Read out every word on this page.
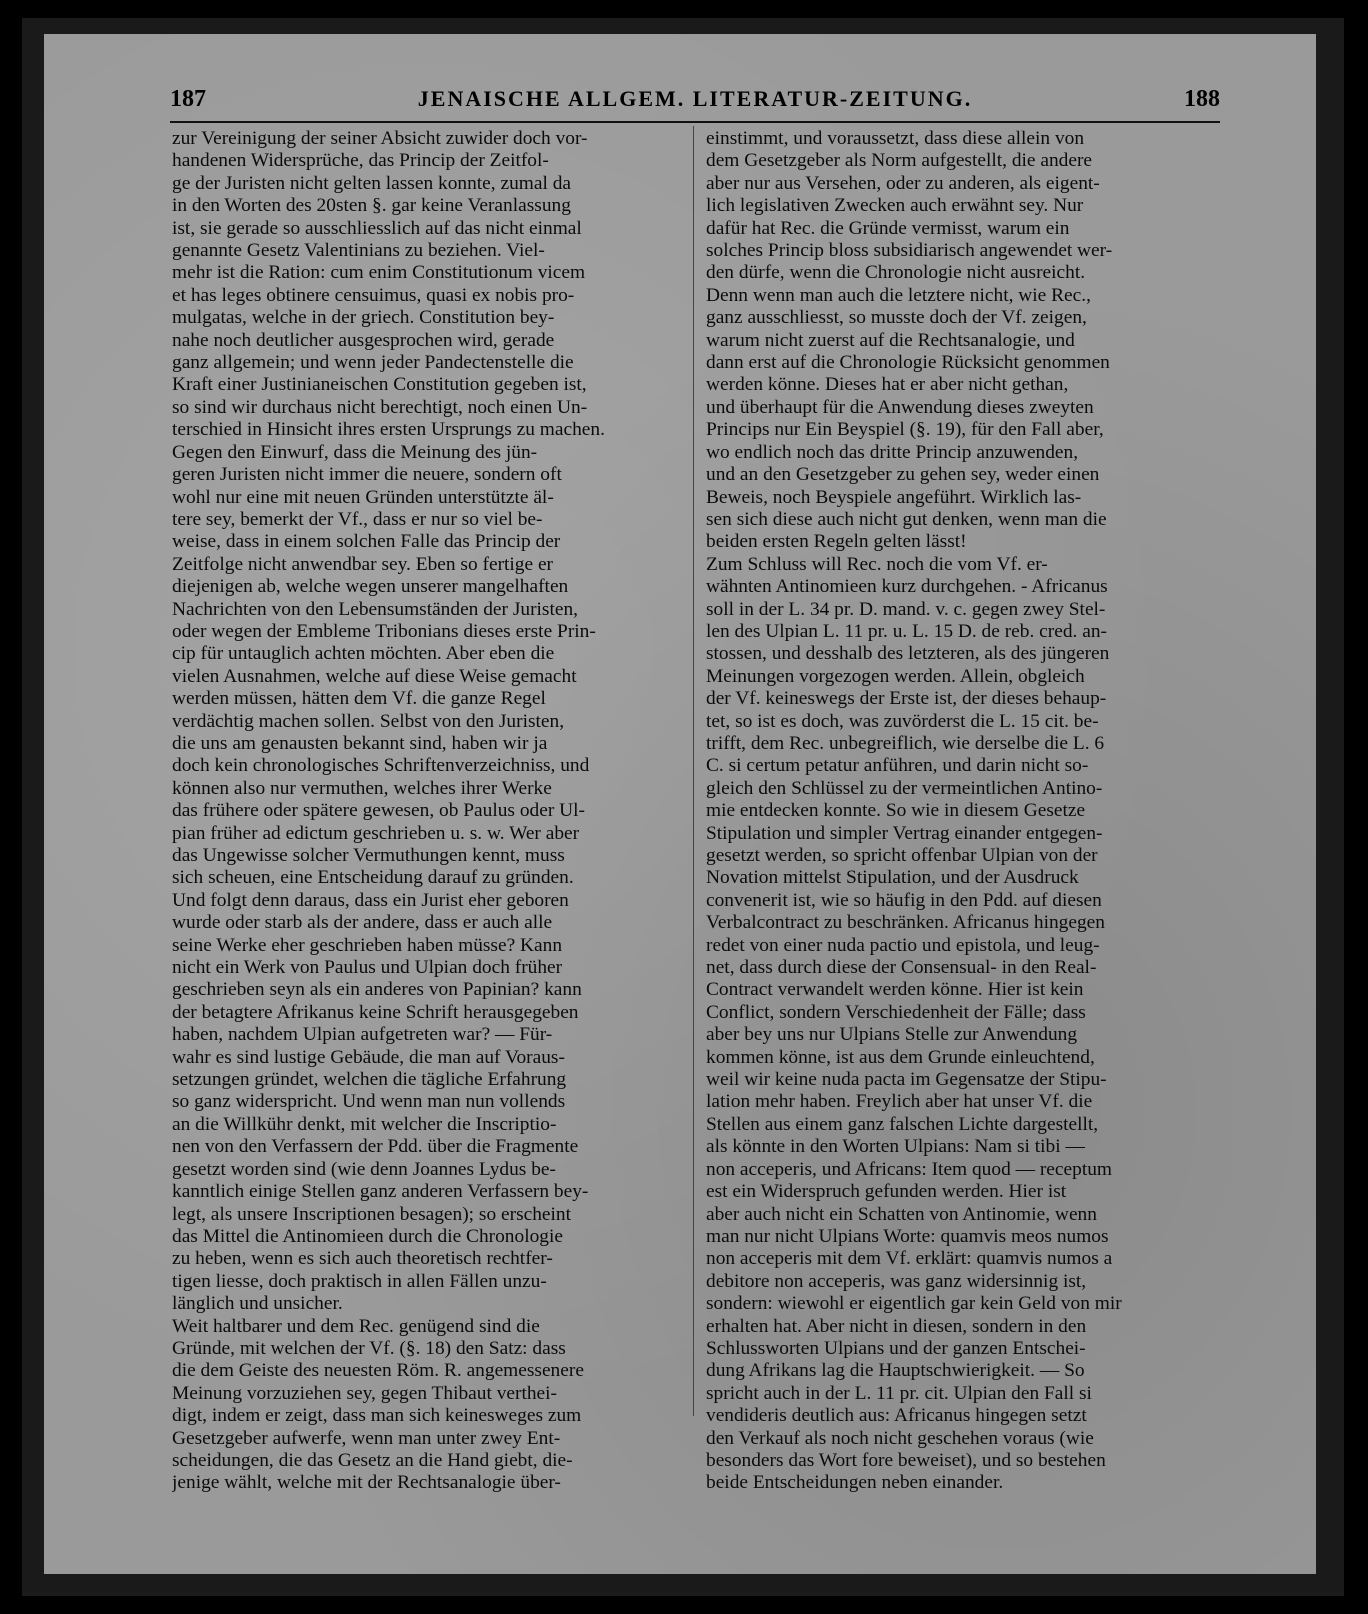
187	JENAISCHE ALLGEM. LITERATUR-ZEITUNG.	188
zur Vereinigung der seiner Absicht zuwider doch vor-
handenen Widersprüche, das Princip der Zeitfol-
ge der Juristen nicht gelten lassen konnte, zumal da
in den Worten des 20sten §. gar keine Veranlassung
ist, sie gerade so ausschliesslich auf das nicht einmal
genannte Gesetz Valentinians zu beziehen. Viel-
mehr ist die Ration: cum enim Constitutionum vicem
et has leges obtinere censuimus, quasi ex nobis pro-
mulgatas, welche in der griech. Constitution bey-
nahe noch deutlicher ausgesprochen wird, gerade
ganz allgemein; und wenn jeder Pandectenstelle die
Kraft einer Justinianeischen Constitution gegeben ist,
so sind wir durchaus nicht berechtigt, noch einen Un-
terschied in Hinsicht ihres ersten Ursprungs zu machen.
Gegen den Einwurf, dass die Meinung des jün-
geren Juristen nicht immer die neuere, sondern oft
wohl nur eine mit neuen Gründen unterstützte äl-
tere sey, bemerkt der Vf., dass er nur so viel be-
weise, dass in einem solchen Falle das Princip der
Zeitfolge nicht anwendbar sey. Eben so fertige er
diejenigen ab, welche wegen unserer mangelhaften
Nachrichten von den Lebensumständen der Juristen,
oder wegen der Embleme Tribonians dieses erste Prin-
cip für untauglich achten möchten. Aber eben die
vielen Ausnahmen, welche auf diese Weise gemacht
werden müssen, hätten dem Vf. die ganze Regel
verdächtig machen sollen. Selbst von den Juristen,
die uns am genausten bekannt sind, haben wir ja
doch kein chronologisches Schriftenverzeichniss, und
können also nur vermuthen, welches ihrer Werke
das frühere oder spätere gewesen, ob Paulus oder Ul-
pian früher ad edictum geschrieben u. s. w. Wer aber
das Ungewisse solcher Vermuthungen kennt, muss
sich scheuen, eine Entscheidung darauf zu gründen.
Und folgt denn daraus, dass ein Jurist eher geboren
wurde oder starb als der andere, dass er auch alle
seine Werke eher geschrieben haben müsse? Kann
nicht ein Werk von Paulus und Ulpian doch früher
geschrieben seyn als ein anderes von Papinian? kann
der betagtere Afrikanus keine Schrift herausgegeben
haben, nachdem Ulpian aufgetreten war? — Für-
wahr es sind lustige Gebäude, die man auf Voraus-
setzungen gründet, welchen die tägliche Erfahrung
so ganz widerspricht. Und wenn man nun vollends
an die Willkühr denkt, mit welcher die Inscriptio-
nen von den Verfassern der Pdd. über die Fragmente
gesetzt worden sind (wie denn Joannes Lydus be-
kanntlich einige Stellen ganz anderen Verfassern bey-
legt, als unsere Inscriptionen besagen); so erscheint
das Mittel die Antinomieen durch die Chronologie
zu heben, wenn es sich auch theoretisch rechtfer-
tigen liesse, doch praktisch in allen Fällen unzu-
länglich und unsicher.
Weit haltbarer und dem Rec. genügend sind die
Gründe, mit welchen der Vf. (§. 18) den Satz: dass
die dem Geiste des neuesten Röm. R. angemessenere
Meinung vorzuziehen sey, gegen Thibaut verthei-
digt, indem er zeigt, dass man sich keinesweges zum
Gesetzgeber aufwerfe, wenn man unter zwey Ent-
scheidungen, die das Gesetz an die Hand giebt, die-
jenige wählt, welche mit der Rechtsanalogie über-
einstimmt, und voraussetzt, dass diese allein von
dem Gesetzgeber als Norm aufgestellt, die andere
aber nur aus Versehen, oder zu anderen, als eigent-
lich legislativen Zwecken auch erwähnt sey. Nur
dafür hat Rec. die Gründe vermisst, warum ein
solches Princip bloss subsidiarisch angewendet wer-
den dürfe, wenn die Chronologie nicht ausreicht.
Denn wenn man auch die letztere nicht, wie Rec.,
ganz ausschliesst, so musste doch der Vf. zeigen,
warum nicht zuerst auf die Rechtsanalogie, und
dann erst auf die Chronologie Rücksicht genommen
werden könne. Dieses hat er aber nicht gethan,
und überhaupt für die Anwendung dieses zweyten
Princips nur Ein Beyspiel (§. 19), für den Fall aber,
wo endlich noch das dritte Princip anzuwenden,
und an den Gesetzgeber zu gehen sey, weder einen
Beweis, noch Beyspiele angeführt. Wirklich las-
sen sich diese auch nicht gut denken, wenn man die
beiden ersten Regeln gelten lässt!
Zum Schluss will Rec. noch die vom Vf. er-
wähnten Antinomieen kurz durchgehen. - Africanus
soll in der L. 34 pr. D. mand. v. c. gegen zwey Stel-
len des Ulpian L. 11 pr. u. L. 15 D. de reb. cred. an-
stossen, und desshalb des letzteren, als des jüngeren
Meinungen vorgezogen werden. Allein, obgleich
der Vf. keineswegs der Erste ist, der dieses behaup-
tet, so ist es doch, was zuvörderst die L. 15 cit. be-
trifft, dem Rec. unbegreiflich, wie derselbe die L. 6
C. si certum petatur anführen, und darin nicht so-
gleich den Schlüssel zu der vermeintlichen Antino-
mie entdecken konnte. So wie in diesem Gesetze
Stipulation und simpler Vertrag einander entgegen-
gesetzt werden, so spricht offenbar Ulpian von der
Novation mittelst Stipulation, und der Ausdruck
convenerit ist, wie so häufig in den Pdd. auf diesen
Verbalcontract zu beschränken. Africanus hingegen
redet von einer nuda pactio und epistola, und leug-
net, dass durch diese der Consensual- in den Real-
Contract verwandelt werden könne. Hier ist kein
Conflict, sondern Verschiedenheit der Fälle; dass
aber bey uns nur Ulpians Stelle zur Anwendung
kommen könne, ist aus dem Grunde einleuchtend,
weil wir keine nuda pacta im Gegensatze der Stipu-
lation mehr haben. Freylich aber hat unser Vf. die
Stellen aus einem ganz falschen Lichte dargestellt,
als könnte in den Worten Ulpians: Nam si tibi —
non acceperis, und Africans: Item quod — receptum
est ein Widerspruch gefunden werden. Hier ist
aber auch nicht ein Schatten von Antinomie, wenn
man nur nicht Ulpians Worte: quamvis meos numos
non acceperis mit dem Vf. erklärt: quamvis numos a
debitore non acceperis, was ganz widersinnig ist,
sondern: wiewohl er eigentlich gar kein Geld von mir
erhalten hat. Aber nicht in diesen, sondern in den
Schlussworten Ulpians und der ganzen Entschei-
dung Afrikans lag die Hauptschwierigkeit. — So
spricht auch in der L. 11 pr. cit. Ulpian den Fall si
vendideris deutlich aus: Africanus hingegen setzt
den Verkauf als noch nicht geschehen voraus (wie
besonders das Wort fore beweiset), und so bestehen
beide Entscheidungen neben einander.
